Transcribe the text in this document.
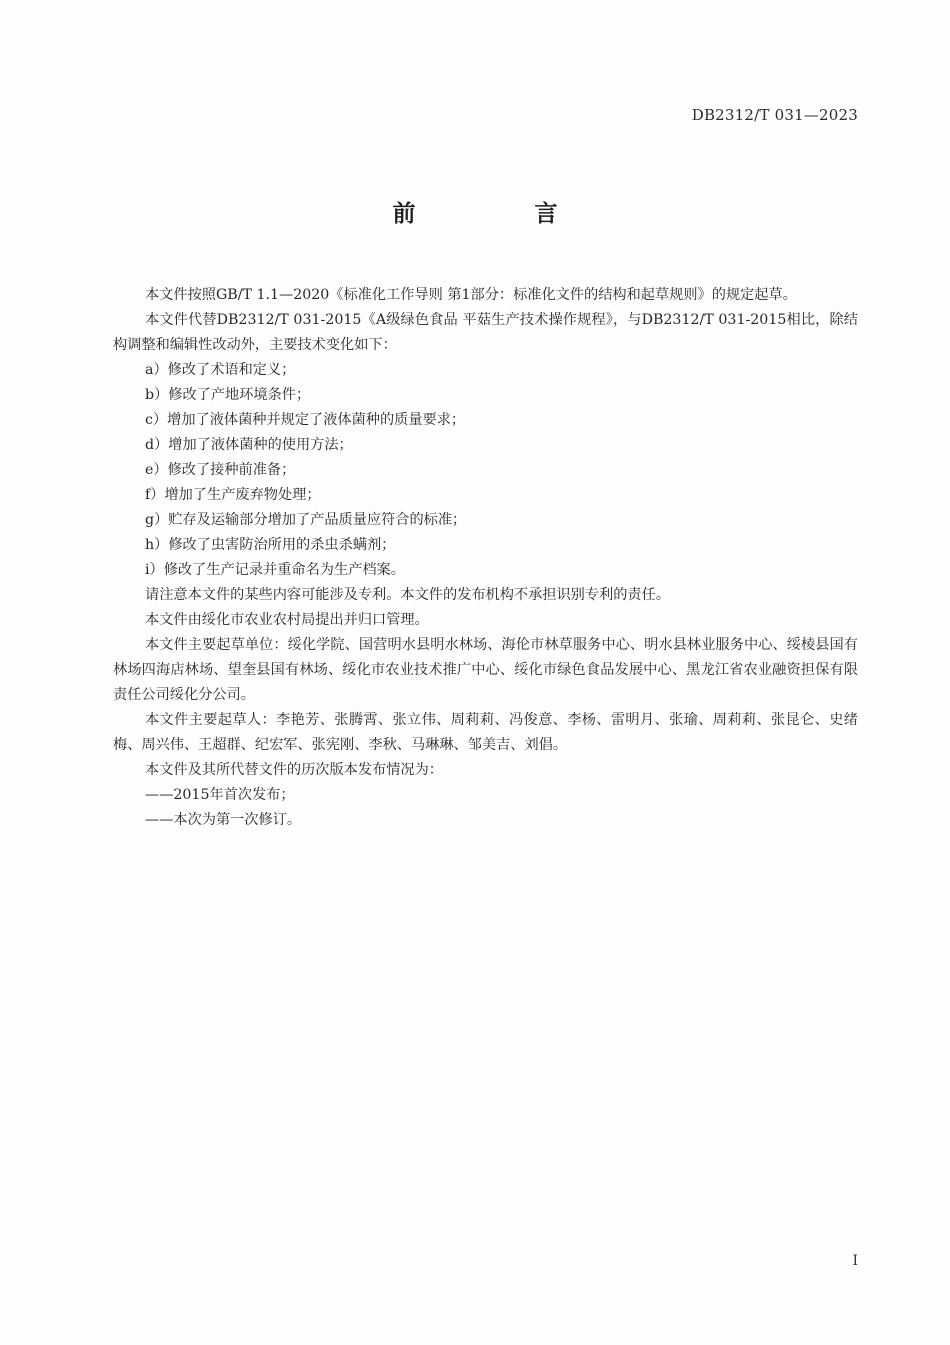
DB2312/T 031—2023
前　言

本文件按照GB/T 1.1—2020《标准化工作导则 第1部分：标准化文件的结构和起草规则》的规定起草。

本文件代替DB2312/T 031-2015《A级绿色食品 平菇生产技术操作规程》，与DB2312/T 031-2015相比，除结构调整和编辑性改动外，主要技术变化如下：

a）修改了术语和定义；

b）修改了产地环境条件；

c）增加了液体菌种并规定了液体菌种的质量要求；

d）增加了液体菌种的使用方法；

e）修改了接种前准备；

f）增加了生产废弃物处理；

g）贮存及运输部分增加了产品质量应符合的标准；

h）修改了虫害防治所用的杀虫杀螨剂；

i）修改了生产记录并重命名为生产档案。

请注意本文件的某些内容可能涉及专利。本文件的发布机构不承担识别专利的责任。

本文件由绥化市农业农村局提出并归口管理。

本文件主要起草单位：绥化学院、国营明水县明水林场、海伦市林草服务中心、明水县林业服务中心、绥棱县国有林场四海店林场、望奎县国有林场、绥化市农业技术推广中心、绥化市绿色食品发展中心、黑龙江省农业融资担保有限责任公司绥化分公司。

本文件主要起草人：李艳芳、张腾霄、张立伟、周莉莉、冯俊意、李杨、雷明月、张瑜、周莉莉、张昆仑、史绪梅、周兴伟、王超群、纪宏军、张宪刚、李秋、马琳琳、邹美吉、刘倡。

本文件及其所代替文件的历次版本发布情况为：

——2015年首次发布；

——本次为第一次修订。

I
